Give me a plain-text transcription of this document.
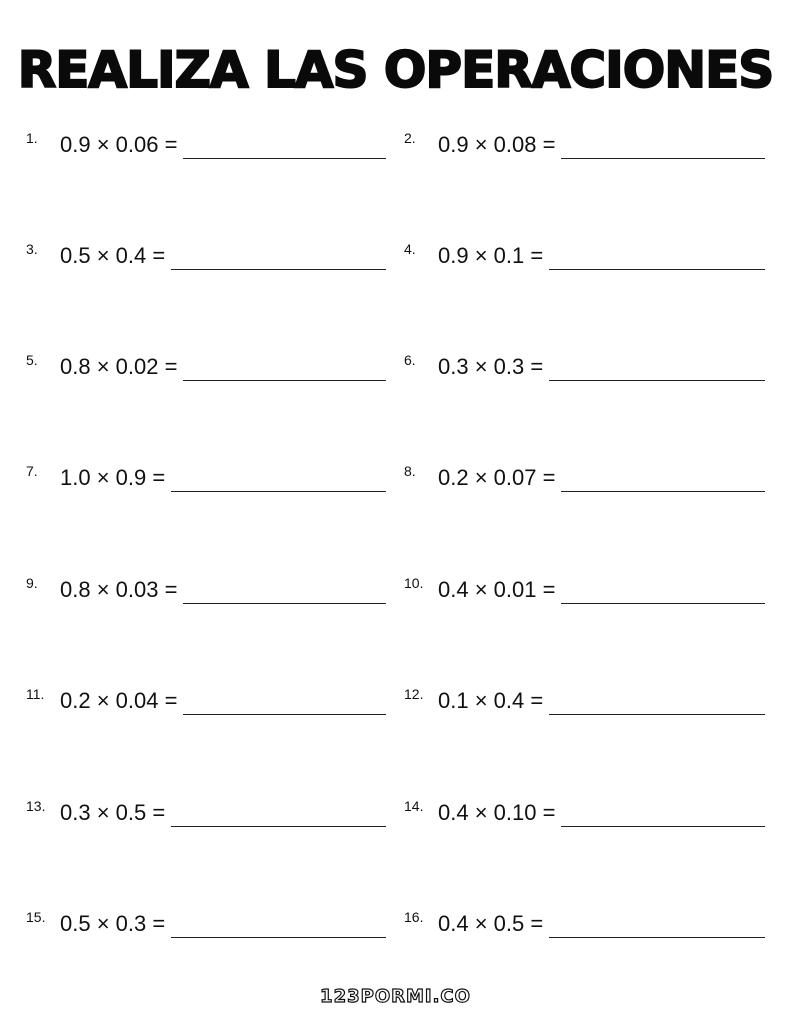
REALIZA LAS OPERACIONES
1.	0.9 × 0.06 =	2.	0.9 × 0.08 =
3.	0.5 × 0.4 =	4.	0.9 × 0.1 =
5.	0.8 × 0.02 =	6.	0.3 × 0.3 =
7.	1.0 × 0.9 =	8.	0.2 × 0.07 =
9.	0.8 × 0.03 =	10. 0.4 × 0.01 =
11. 0.2 × 0.04 =	12. 0.1 × 0.4 =
13. 0.3 × 0.5 =	14. 0.4 × 0.10 =
15. 0.5 × 0.3 =	16. 0.4 × 0.5 =
123PORMI.CO
